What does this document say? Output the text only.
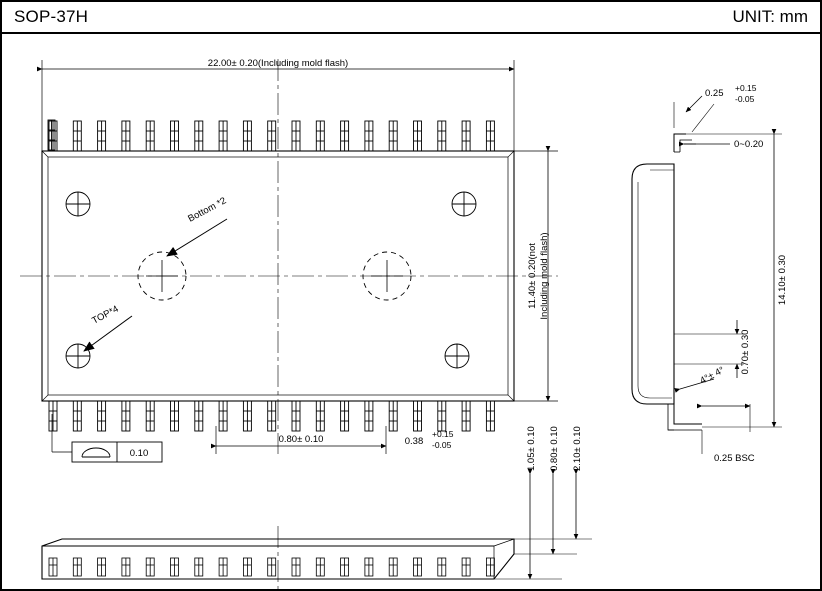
SOP-37H	UNIT: mm
22.00± 0.20(Including mold flash)
11.40± 0.20(not Including mold flash)
Bottom *2
TOP*4
0.80± 0.10	0.38
+0.15
-0.05
0.10
0.25 +0.15
-0.05
0~0.20
14.10± 0.30
0.70± 0.30
4°± 4°
0.25 BSC
1.05± 0.10 0.80± 0.10 2.10± 0.10
